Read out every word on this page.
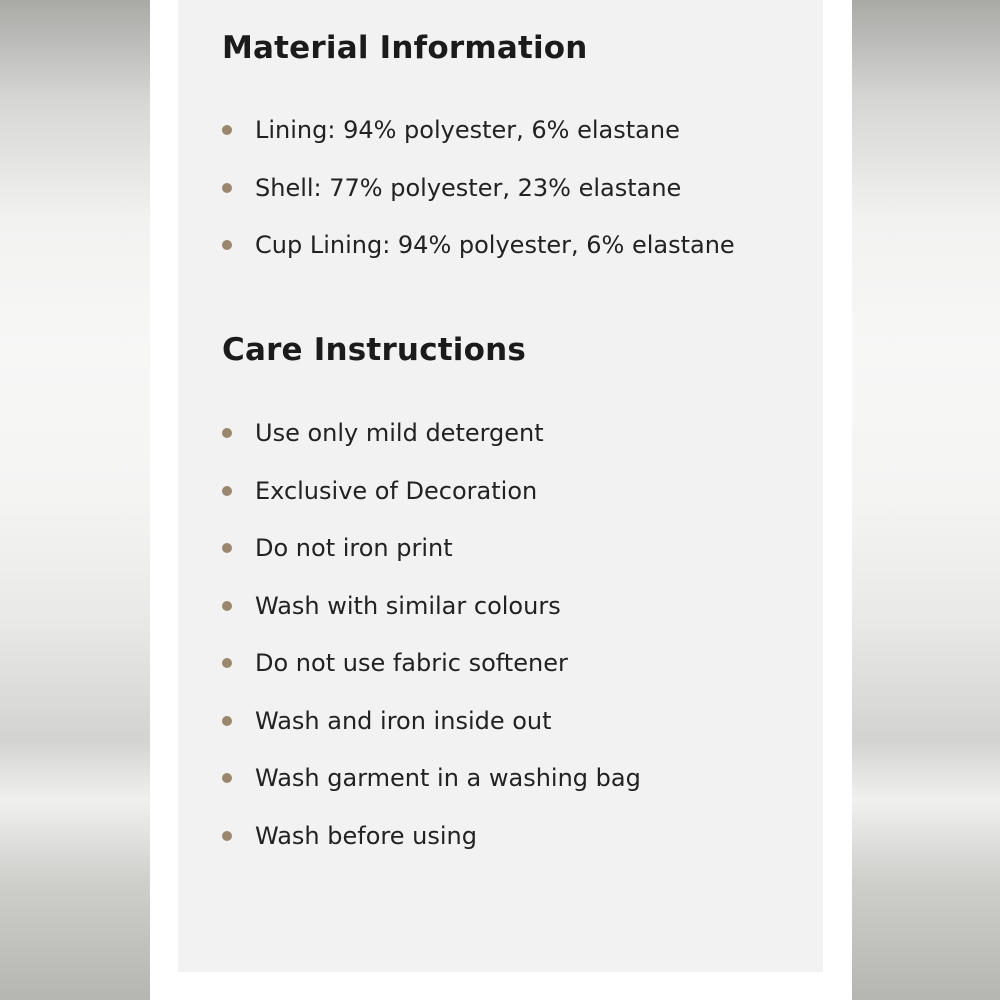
Material Information
Lining: 94% polyester, 6% elastane
Shell: 77% polyester, 23% elastane
Cup Lining: 94% polyester, 6% elastane
Care Instructions
Use only mild detergent
Exclusive of Decoration
Do not iron print
Wash with similar colours
Do not use fabric softener
Wash and iron inside out
Wash garment in a washing bag
Wash before using
